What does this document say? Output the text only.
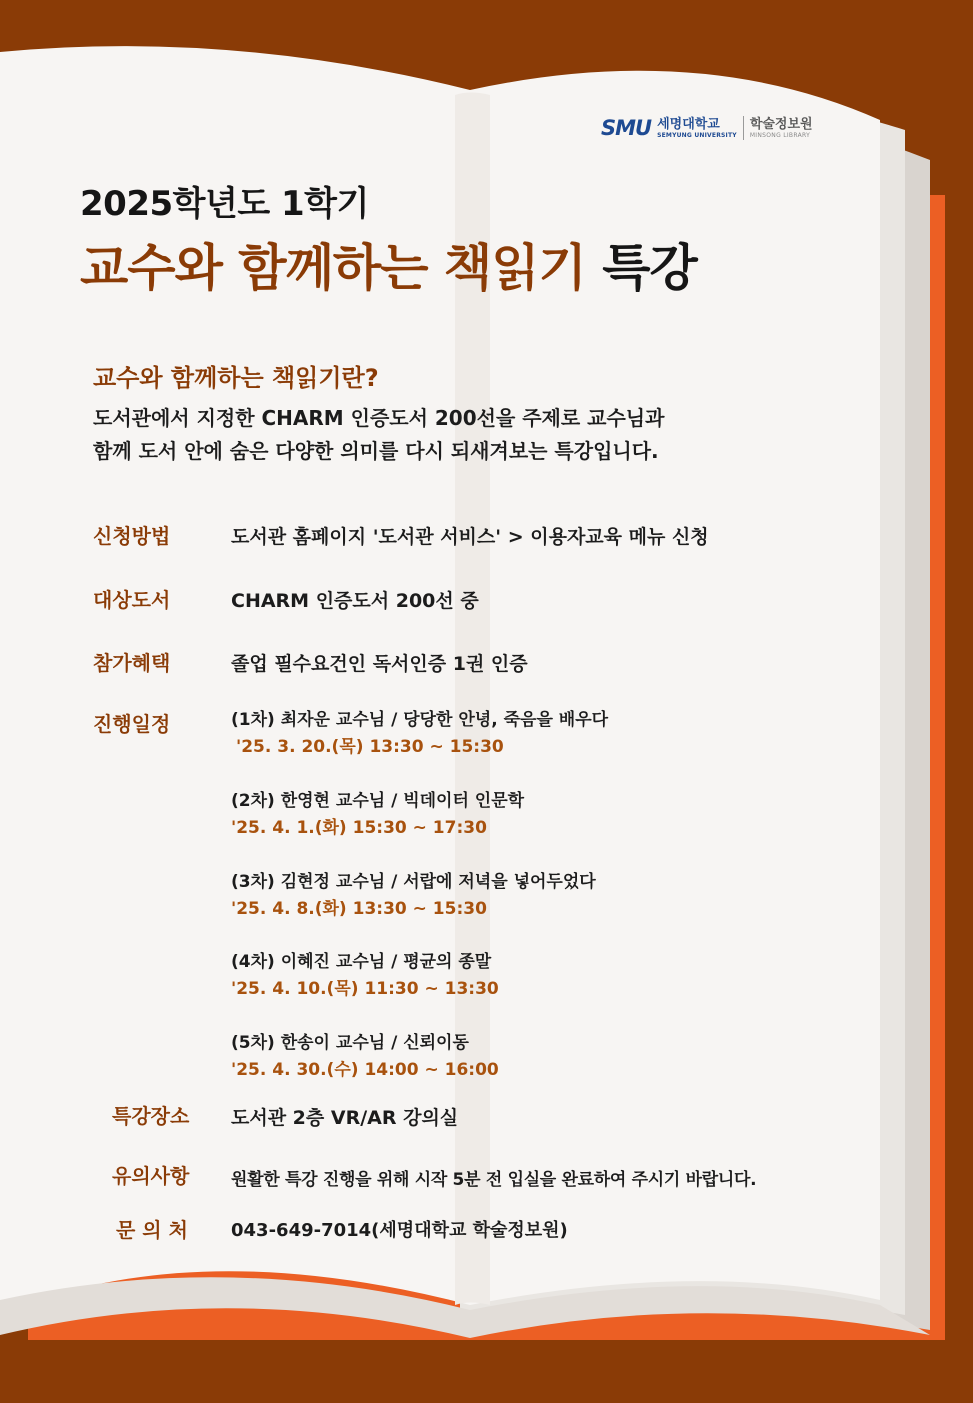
SMU 세명대학교
SEMYUNG UNIVERSITY
학술정보원
MINSONG LIBRARY
2025학년도 1학기
교수와 함께하는 책읽기 특강
교수와 함께하는 책읽기란?
도서관에서 지정한 CHARM 인증도서 200선을 주제로 교수님과
함께 도서 안에 숨은 다양한 의미를 다시 되새겨보는 특강입니다.
신청방법	도서관 홈페이지 '도서관 서비스' > 이용자교육 메뉴 신청
대상도서	CHARM 인증도서 200선 중
참가혜택	졸업 필수요건인 독서인증 1권 인증
진행일정	(1차) 최자운 교수님 / 당당한 안녕, 죽음을 배우다
'25. 3. 20.(목) 13:30 ~ 15:30
(2차) 한영현 교수님 / 빅데이터 인문학
'25. 4. 1.(화) 15:30 ~ 17:30
(3차) 김현정 교수님 / 서랍에 저녁을 넣어두었다
'25. 4. 8.(화) 13:30 ~ 15:30
(4차) 이혜진 교수님 / 평균의 종말
'25. 4. 10.(목) 11:30 ~ 13:30
(5차) 한송이 교수님 / 신뢰이동
'25. 4. 30.(수) 14:00 ~ 16:00
특강장소 도서관 2층 VR/AR 강의실
유의사항 원활한 특강 진행을 위해 시작 5분 전 입실을 완료하여 주시기 바랍니다.
문 의 처 043-649-7014(세명대학교 학술정보원)
